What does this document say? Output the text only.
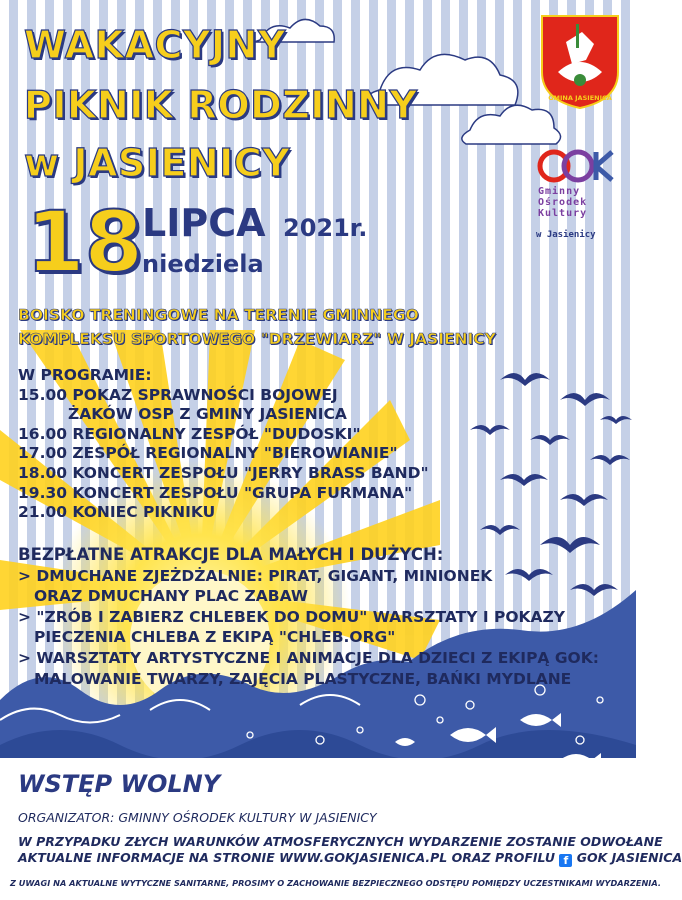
GMINA JASIENICA
Gminny
Ośrodek
Kultury
w Jasienicy
WAKACYJNY
PIKNIK RODZINNY
w JASIENICY
18 LIPCA 2021r.
niedziela
BOISKO TRENINGOWE NA TERENIE GMINNEGO
KOMPLEKSU SPORTOWEGO "DRZEWIARZ" W JASIENICY
W PROGRAMIE:
15.00 POKAZ SPRAWNOŚCI BOJOWEJ
ŻAKÓW OSP Z GMINY JASIENICA
16.00 REGIONALNY ZESPÓŁ "DUDOSKI"
17.00 ZESPÓŁ REGIONALNY "BIEROWIANIE"
18.00 KONCERT ZESPOŁU "JERRY BRASS BAND"
19.30 KONCERT ZESPOŁU "GRUPA FURMANA"
21.00 KONIEC PIKNIKU
BEZPŁATNE ATRAKCJE DLA MAŁYCH I DUŻYCH:
> DMUCHANE ZJEŻDŻALNIE: PIRAT, GIGANT, MINIONEK
ORAZ DMUCHANY PLAC ZABAW
> "ZRÓB I ZABIERZ CHLEBEK DO DOMU" WARSZTATY I POKAZY
PIECZENIA CHLEBA Z EKIPĄ "CHLEB.ORG"
> WARSZTATY ARTYSTYCZNE I ANIMACJE DLA DZIECI Z EKIPĄ GOK:
MALOWANIE TWARZY, ZAJĘCIA PLASTYCZNE, BAŃKI MYDLANE
WSTĘP WOLNY
ORGANIZATOR: GMINNY OŚRODEK KULTURY W JASIENICY
W PRZYPADKU ZŁYCH WARUNKÓW ATMOSFERYCZNYCH WYDARZENIE ZOSTANIE ODWOŁANE
AKTUALNE INFORMACJE NA STRONIE WWW.GOKJASIENICA.PL ORAZ PROFILU f GOK JASIENICA
Z UWAGI NA AKTUALNE WYTYCZNE SANITARNE, PROSIMY O ZACHOWANIE BEZPIECZNEGO ODSTĘPU POMIĘDZY UCZESTNIKAMI WYDARZENIA.
